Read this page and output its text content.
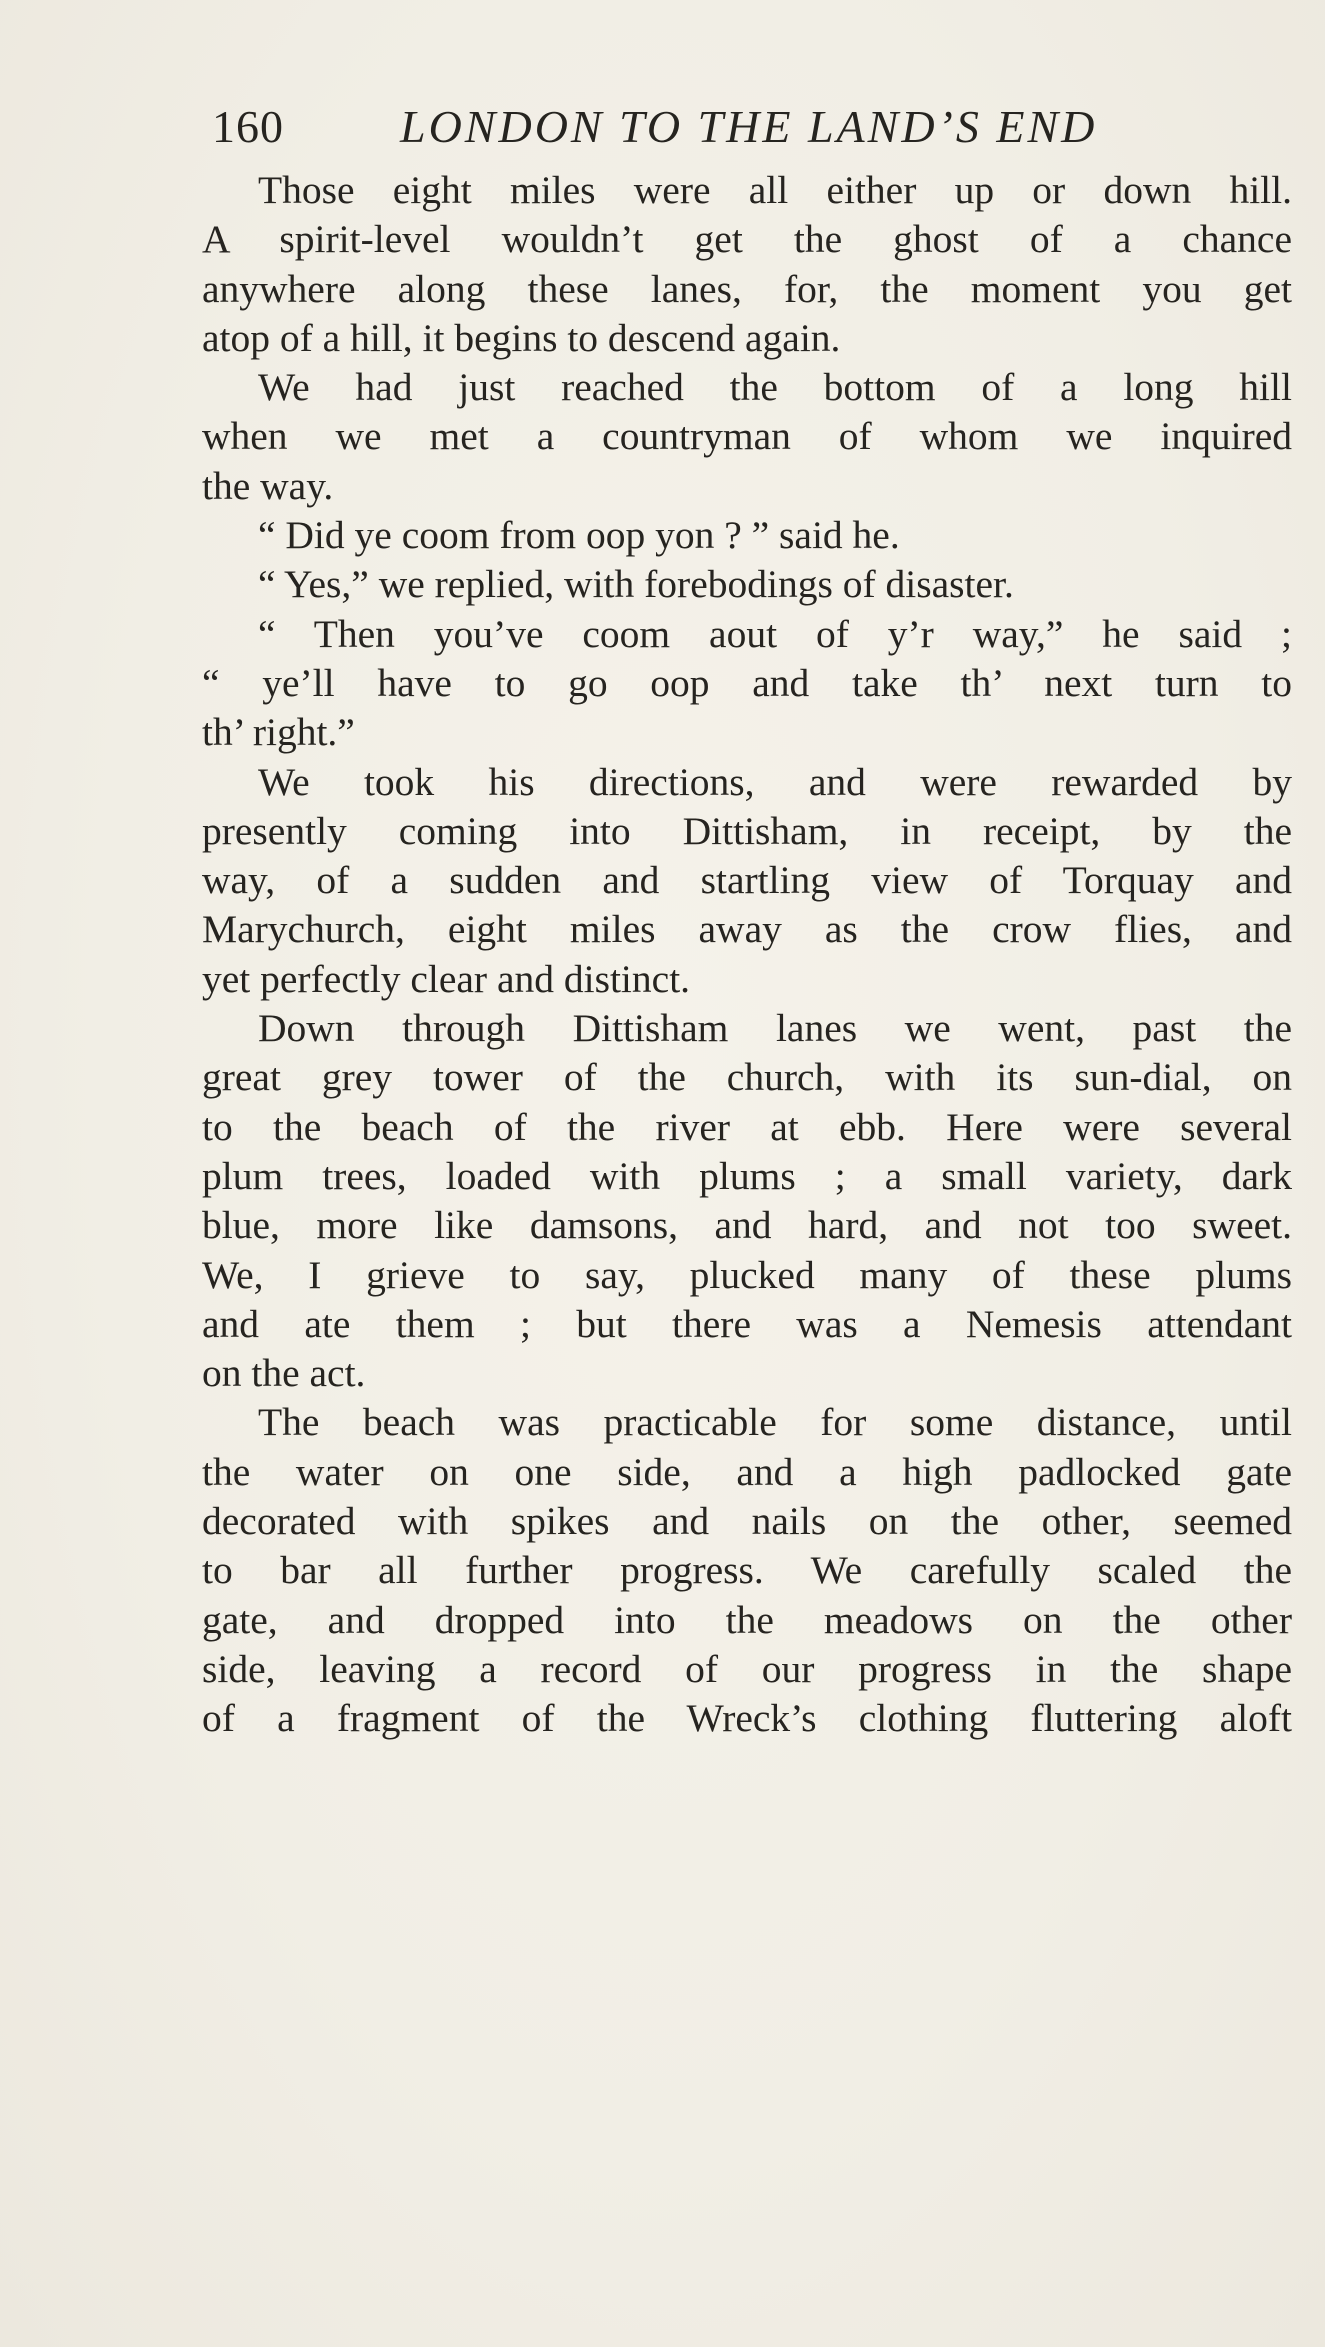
160	LONDON TO THE LAND’S END
Those eight miles were all either up or down hill.
A spirit-level wouldn’t get the ghost of a chance
anywhere along these lanes, for, the moment you get
atop of a hill, it begins to descend again.
We had just reached the bottom of a long hill
when we met a countryman of whom we inquired
the way.
“ Did ye coom from oop yon ? ” said he.
“ Yes,” we replied, with forebodings of disaster.
“ Then you’ve coom aout of y’r way,” he said ;
“ ye’ll have to go oop and take th’ next turn to
th’ right.”
We took his directions, and were rewarded by
presently coming into Dittisham, in receipt, by the
way, of a sudden and startling view of Torquay and
Marychurch, eight miles away as the crow flies, and
yet perfectly clear and distinct.
Down through Dittisham lanes we went, past the
great grey tower of the church, with its sun-dial, on
to the beach of the river at ebb. Here were several
plum trees, loaded with plums ; a small variety, dark
blue, more like damsons, and hard, and not too sweet.
We, I grieve to say, plucked many of these plums
and ate them ; but there was a Nemesis attendant
on the act.
The beach was practicable for some distance, until
the water on one side, and a high padlocked gate
decorated with spikes and nails on the other, seemed
to bar all further progress. We carefully scaled the
gate, and dropped into the meadows on the other
side, leaving a record of our progress in the shape
of a fragment of the Wreck’s clothing fluttering aloft
